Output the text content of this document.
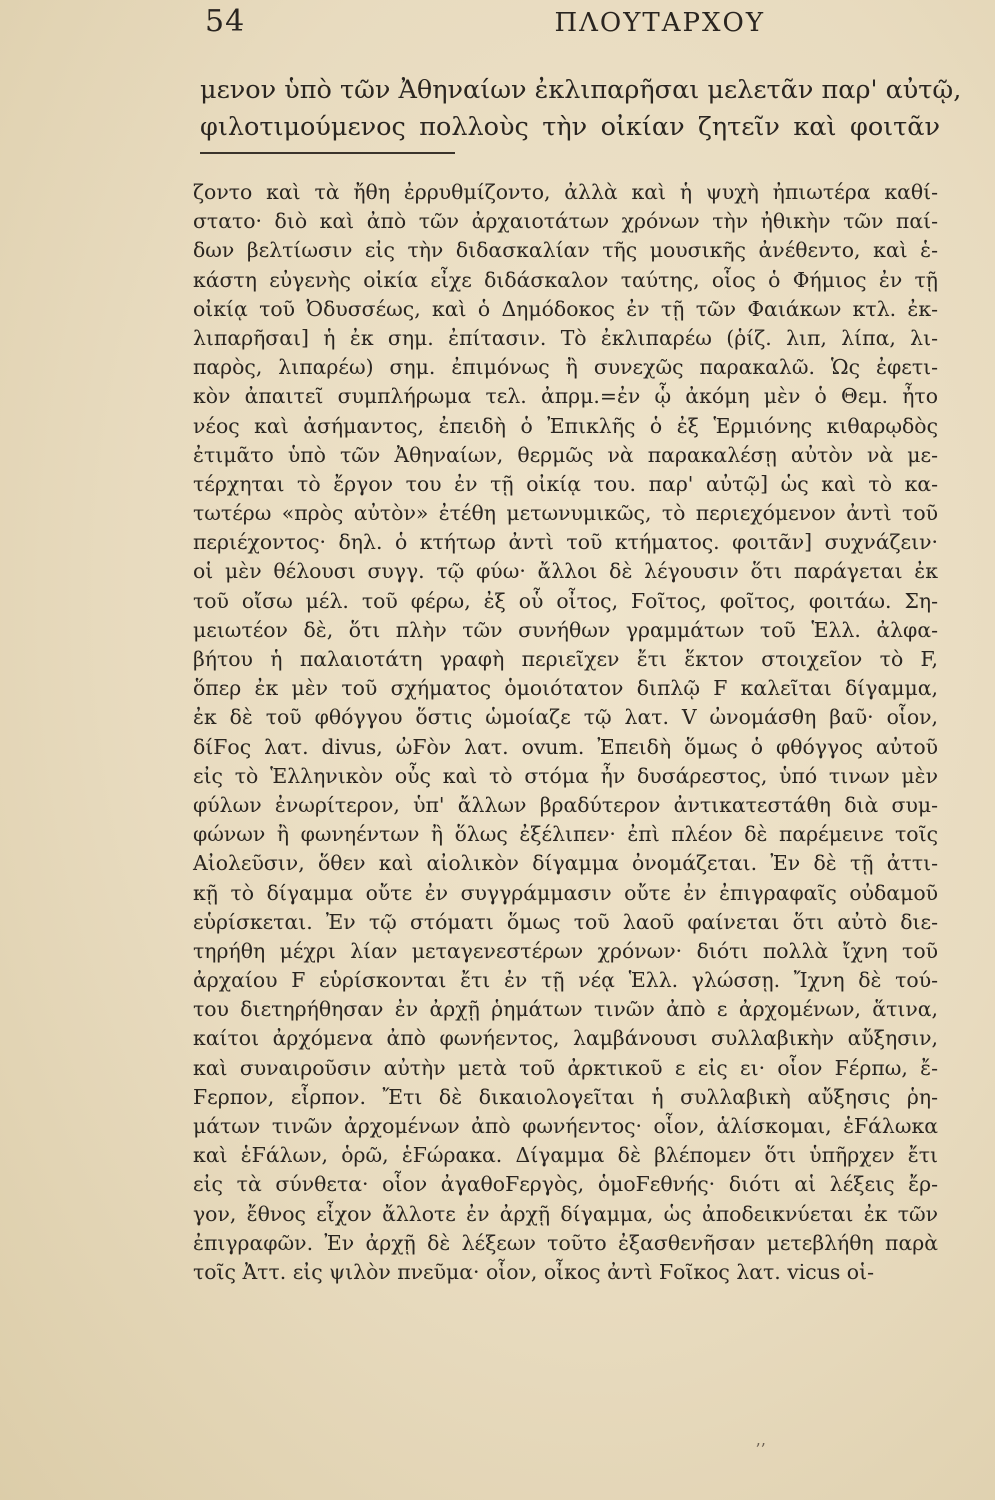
54	ΠΛΟΥΤΑΡΧΟΥ
μενον ὑπὸ τῶν Ἀθηναίων ἐκλιπαρῆσαι μελετᾶν παρ' αὐτῷ,
φιλοτιμούμενος πολλοὺς τὴν οἰκίαν ζητεῖν καὶ φοιτᾶν
ζοντο καὶ τὰ ἤθη ἐρρυθμίζοντο, ἀλλὰ καὶ ἡ ψυχὴ ἠπιωτέρα καθί-
στατο· διὸ καὶ ἀπὸ τῶν ἀρχαιοτάτων χρόνων τὴν ἠθικὴν τῶν παί-
δων βελτίωσιν εἰς τὴν διδασκαλίαν τῆς μουσικῆς ἀνέθεντο, καὶ ἑ-
κάστη εὐγενὴς οἰκία εἶχε διδάσκαλον ταύτης, οἷος ὁ Φήμιος ἐν τῇ
οἰκίᾳ τοῦ Ὀδυσσέως, καὶ ὁ Δημόδοκος ἐν τῇ τῶν Φαιάκων κτλ. ἐκ-
λιπαρῆσαι] ἡ ἐκ σημ. ἐπίτασιν. Τὸ ἐκλιπαρέω (ῥίζ. λιπ, λίπα, λι-
παρὸς, λιπαρέω) σημ. ἐπιμόνως ἢ συνεχῶς παρακαλῶ. Ὡς ἐφετι-
κὸν ἀπαιτεῖ συμπλήρωμα τελ. ἀπρμ.=ἐν ᾧ ἀκόμη μὲν ὁ Θεμ. ἦτο
νέος καὶ ἀσήμαντος, ἐπειδὴ ὁ Ἐπικλῆς ὁ ἐξ Ἑρμιόνης κιθαρῳδὸς
ἐτιμᾶτο ὑπὸ τῶν Ἀθηναίων, θερμῶς νὰ παρακαλέσῃ αὐτὸν νὰ με-
τέρχηται τὸ ἔργον του ἐν τῇ οἰκίᾳ του. παρ' αὐτῷ] ὡς καὶ τὸ κα-
τωτέρω «πρὸς αὐτὸν» ἐτέθη μετωνυμικῶς, τὸ περιεχόμενον ἀντὶ τοῦ
περιέχοντος· δηλ. ὁ κτήτωρ ἀντὶ τοῦ κτήματος. φοιτᾶν] συχνάζειν·
οἱ μὲν θέλουσι συγγ. τῷ φύω· ἄλλοι δὲ λέγουσιν ὅτι παράγεται ἐκ
τοῦ οἴσω μέλ. τοῦ φέρω, ἐξ οὗ οἶτος, Ϝοῖτος, φοῖτος, φοιτάω. Ση-
μειωτέον δὲ, ὅτι πλὴν τῶν συνήθων γραμμάτων τοῦ Ἑλλ. ἀλφα-
βήτου ἡ παλαιοτάτη γραφὴ περιεῖχεν ἔτι ἕκτον στοιχεῖον τὸ F,
ὅπερ ἐκ μὲν τοῦ σχήματος ὁμοιότατον διπλῷ F καλεῖται δίγαμμα,
ἐκ δὲ τοῦ φθόγγου ὅστις ὡμοίαζε τῷ λατ. V ὠνομάσθη βαῦ· οἷον,
δίϜος λατ. divus, ὠϜὸν λατ. ovum. Ἐπειδὴ ὅμως ὁ φθόγγος αὐτοῦ
εἰς τὸ Ἑλληνικὸν οὖς καὶ τὸ στόμα ἦν δυσάρεστος, ὑπό τινων μὲν
φύλων ἐνωρίτερον, ὑπ' ἄλλων βραδύτερον ἀντικατεστάθη διὰ συμ-
φώνων ἢ φωνηέντων ἢ ὅλως ἐξέλιπεν· ἐπὶ πλέον δὲ παρέμεινε τοῖς
Αἰολεῦσιν, ὅθεν καὶ αἰολικὸν δίγαμμα ὀνομάζεται. Ἐν δὲ τῇ ἀττι-
κῇ τὸ δίγαμμα οὔτε ἐν συγγράμμασιν οὔτε ἐν ἐπιγραφαῖς οὐδαμοῦ
εὑρίσκεται. Ἐν τῷ στόματι ὅμως τοῦ λαοῦ φαίνεται ὅτι αὐτὸ διε-
τηρήθη μέχρι λίαν μεταγενεστέρων χρόνων· διότι πολλὰ ἴχνη τοῦ
ἀρχαίου F εὑρίσκονται ἔτι ἐν τῇ νέᾳ Ἑλλ. γλώσσῃ. Ἴχνη δὲ τού-
του διετηρήθησαν ἐν ἀρχῇ ῥημάτων τινῶν ἀπὸ ε ἀρχομένων, ἅτινα,
καίτοι ἀρχόμενα ἀπὸ φωνήεντος, λαμβάνουσι συλλαβικὴν αὔξησιν,
καὶ συναιροῦσιν αὐτὴν μετὰ τοῦ ἀρκτικοῦ ε εἰς ει· οἷον Ϝέρπω, ἔ-
Ϝερπον, εἷρπον. Ἔτι δὲ δικαιολογεῖται ἡ συλλαβικὴ αὔξησις ῥη-
μάτων τινῶν ἀρχομένων ἀπὸ φωνήεντος· οἷον, ἁλίσκομαι, ἑϜάλωκα
καὶ ἑϜάλων, ὁρῶ, ἑϜώρακα. Δίγαμμα δὲ βλέπομεν ὅτι ὑπῆρχεν ἔτι
εἰς τὰ σύνθετα· οἷον ἀγαθοϜεργὸς, ὁμοϜεθνής· διότι αἱ λέξεις ἔρ-
γον, ἔθνος εἶχον ἄλλοτε ἐν ἀρχῇ δίγαμμα, ὡς ἀποδεικνύεται ἐκ τῶν
ἐπιγραφῶν. Ἐν ἀρχῇ δὲ λέξεων τοῦτο ἐξασθενῆσαν μετεβλήθη παρὰ
τοῖς Ἀττ. εἰς ψιλὸν πνεῦμα· οἷον, οἶκος ἀντὶ Ϝοῖκος λατ. vicus οἱ-
ʼʼ
